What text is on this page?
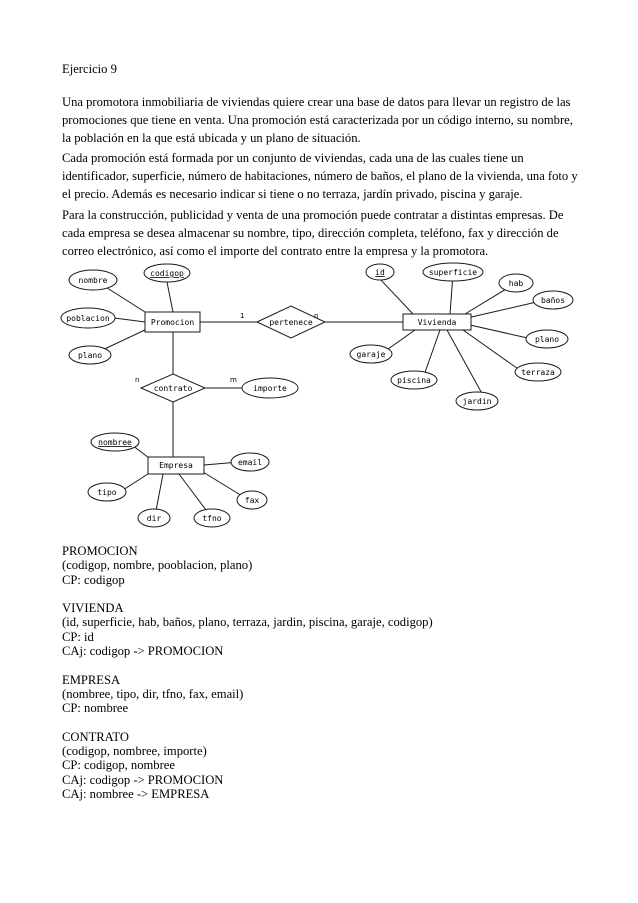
Ejercicio 9

Una promotora inmobiliaria de viviendas quiere crear una base de datos para llevar un registro de las promociones que tiene en venta. Una promoción está caracterizada por un código interno, su nombre, la población en la que está ubicada y un plano de situación.

Cada promoción está formada por un conjunto de viviendas, cada una de las cuales tiene un identificador, superficie, número de habitaciones, número de baños, el plano de la vivienda, una foto y el precio. Además es necesario indicar si tiene o no terraza, jardín privado, piscina y garaje.

Para la construcción, publicidad y venta de una promoción puede contratar a distintas empresas. De cada empresa se desea almacenar su nombre, tipo, dirección completa, teléfono, fax y dirección de correo electrónico, así como el importe del contrato entre la empresa y la promotora.

Promocion	Vivienda
Empresa
pertenece
contrato
nombre
codigop
poblacion
plano
id	superficie
hab
baños
plano
terraza
jardin
piscina
garaje
importe
nombree
tipo
dir	tfno
fax
email
1	n
n	m
PROMOCION
(codigop, nombre, pooblacion, plano)
CP: codigop
VIVIENDA
(id, superficie, hab, baños, plano, terraza, jardin, piscina, garaje, codigop)
CP: id
CAj: codigop -> PROMOCION
EMPRESA
(nombree, tipo, dir, tfno, fax, email)
CP: nombree
CONTRATO
(codigop, nombree, importe)
CP: codigop, nombree
CAj: codigop -> PROMOCION
CAj: nombree -> EMPRESA
